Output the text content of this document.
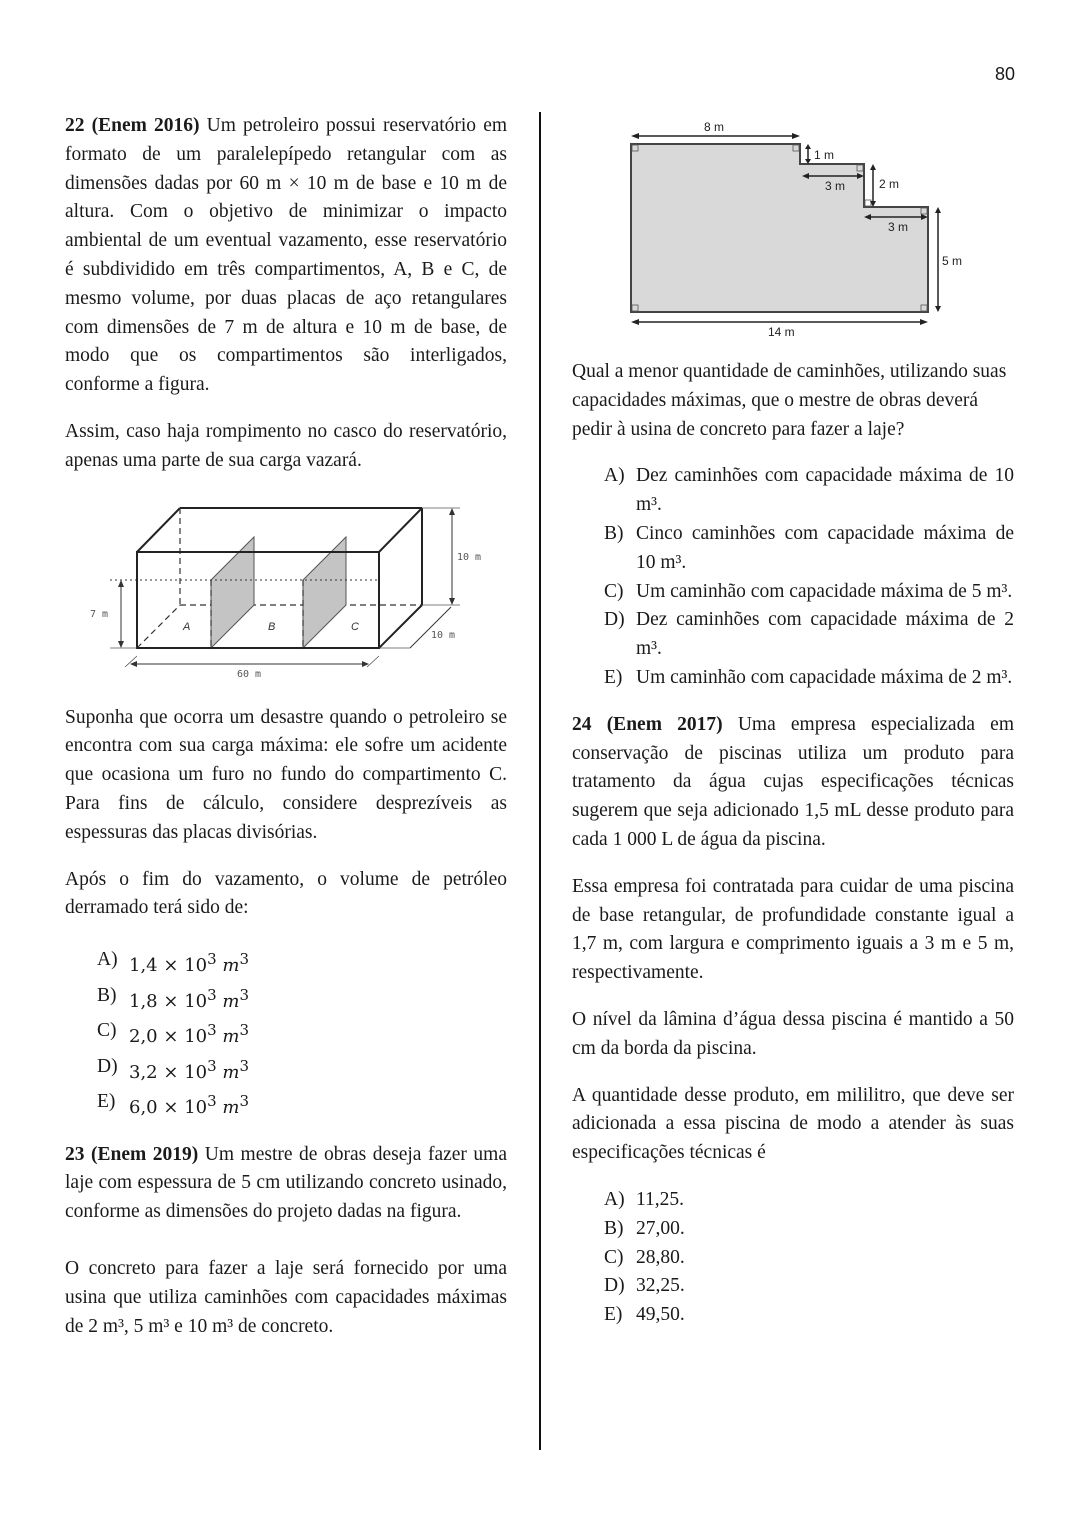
80

22 (Enem 2016) Um petroleiro possui reservatório em formato de um paralelepípedo retangular com as dimensões dadas por 60 m × 10 m de base e 10 m de altura. Com o objetivo de minimizar o impacto ambiental de um eventual vazamento, esse reservatório é subdividido em três compartimentos, A, B e C, de mesmo volume, por duas placas de aço retangulares com dimensões de 7 m de altura e 10 m de base, de modo que os compartimentos são interligados, conforme a figura.

Assim, caso haja rompimento no casco do reservatório, apenas uma parte de sua carga vazará.

10 m
7 m
10 m
60 m
A	B	C

Suponha que ocorra um desastre quando o petroleiro se encontra com sua carga máxima: ele sofre um acidente que ocasiona um furo no fundo do compartimento C. Para fins de cálculo, considere desprezíveis as espessuras das placas divisórias.

Após o fim do vazamento, o volume de petróleo derramado terá sido de:

A) $1,4 \times 10^3$ $m^3$
B) $1,8 \times 10^3$ $m^3$
C) $2,0 \times 10^3$ $m^3$
D) $3,2 \times 10^3$ $m^3$
E) $6,0 \times 10^3$ $m^3$

23 (Enem 2019) Um mestre de obras deseja fazer uma laje com espessura de 5 cm utilizando concreto usinado, conforme as dimensões do projeto dadas na figura.

O concreto para fazer a laje será fornecido por uma usina que utiliza caminhões com capacidades máximas de 2 m³, 5 m³ e 10 m³ de concreto.

8 m
1 m
3 m	2 m
3 m
5 m
14 m

Qual a menor quantidade de caminhões, utilizando suas capacidades máximas, que o mestre de obras deverá pedir à usina de concreto para fazer a laje?

A) Dez caminhões com capacidade máxima de 10 m³.
B) Cinco caminhões com capacidade máxima de 10 m³.
C) Um caminhão com capacidade máxima de 5 m³.
D) Dez caminhões com capacidade máxima de 2 m³.
E) Um caminhão com capacidade máxima de 2 m³.

24 (Enem 2017) Uma empresa especializada em conservação de piscinas utiliza um produto para tratamento da água cujas especificações técnicas sugerem que seja adicionado 1,5 mL desse produto para cada 1 000 L de água da piscina.

Essa empresa foi contratada para cuidar de uma piscina de base retangular, de profundidade constante igual a 1,7 m, com largura e comprimento iguais a 3 m e 5 m, respectivamente.

O nível da lâmina d’água dessa piscina é mantido a 50 cm da borda da piscina.

A quantidade desse produto, em mililitro, que deve ser adicionada a essa piscina de modo a atender às suas especificações técnicas é

A) 11,25.
B) 27,00.
C) 28,80.
D) 32,25.
E) 49,50.
